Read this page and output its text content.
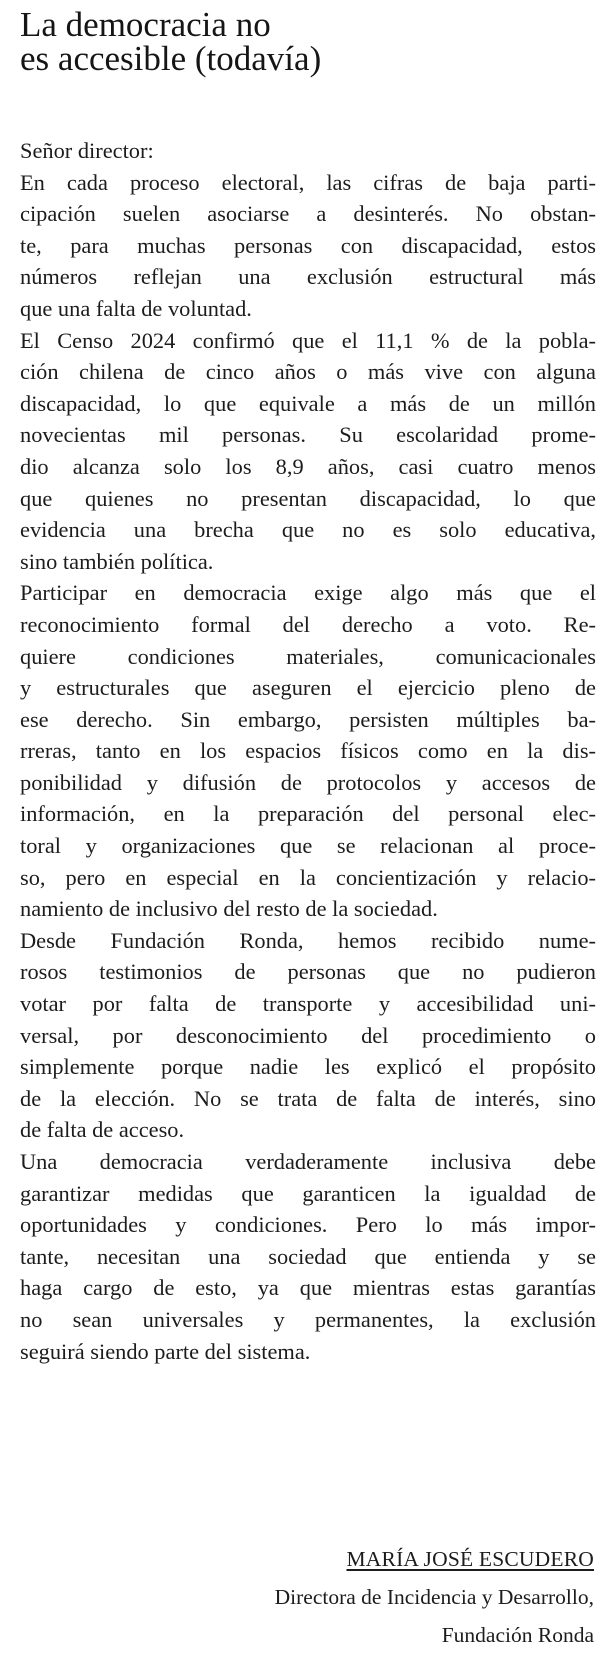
La democracia no
es accesible (todavía)

Señor director:

En cada proceso electoral, las cifras de baja parti-
cipación suelen asociarse a desinterés. No obstan-
te, para muchas personas con discapacidad, estos
números reflejan una exclusión estructural más
que una falta de voluntad.

El Censo 2024 confirmó que el 11,1 % de la pobla-
ción chilena de cinco años o más vive con alguna
discapacidad, lo que equivale a más de un millón
novecientas mil personas. Su escolaridad prome-
dio alcanza solo los 8,9 años, casi cuatro menos
que quienes no presentan discapacidad, lo que
evidencia una brecha que no es solo educativa,
sino también política.

Participar en democracia exige algo más que el
reconocimiento formal del derecho a voto. Re-
quiere condiciones materiales, comunicacionales
y estructurales que aseguren el ejercicio pleno de
ese derecho. Sin embargo, persisten múltiples ba-
rreras, tanto en los espacios físicos como en la dis-
ponibilidad y difusión de protocolos y accesos de
información, en la preparación del personal elec-
toral y organizaciones que se relacionan al proce-
so, pero en especial en la concientización y relacio-
namiento de inclusivo del resto de la sociedad.

Desde Fundación Ronda, hemos recibido nume-
rosos testimonios de personas que no pudieron
votar por falta de transporte y accesibilidad uni-
versal, por desconocimiento del procedimiento o
simplemente porque nadie les explicó el propósito
de la elección. No se trata de falta de interés, sino
de falta de acceso.

Una democracia verdaderamente inclusiva debe
garantizar medidas que garanticen la igualdad de
oportunidades y condiciones. Pero lo más impor-
tante, necesitan una sociedad que entienda y se
haga cargo de esto, ya que mientras estas garantías
no sean universales y permanentes, la exclusión
seguirá siendo parte del sistema.

MARÍA JOSÉ ESCUDERO
Directora de Incidencia y Desarrollo,
Fundación Ronda
